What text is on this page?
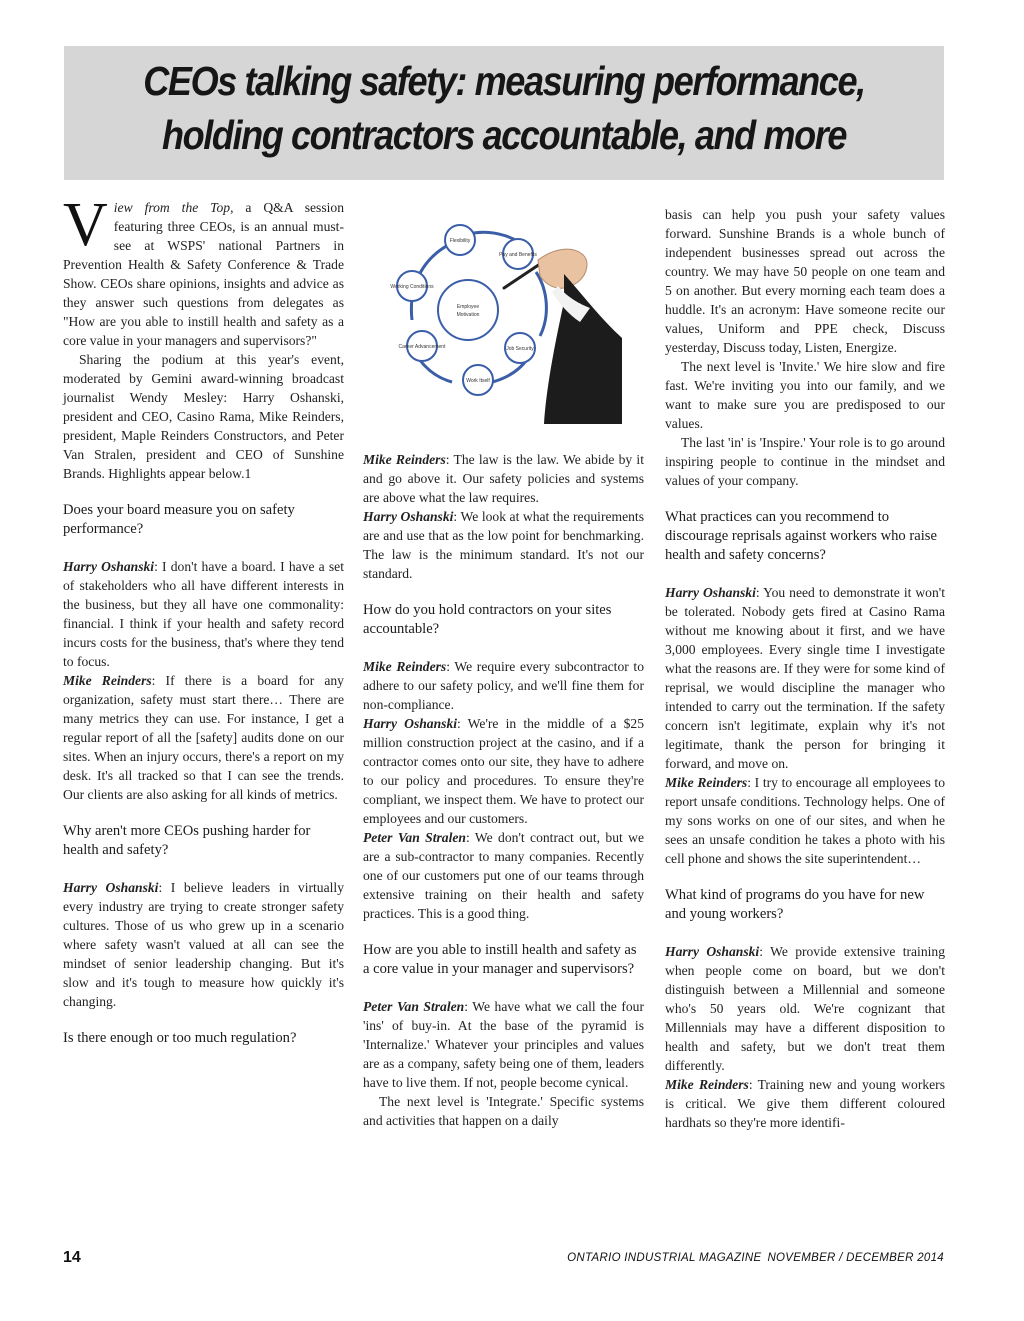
CEOs talking safety: measuring performance,
holding contractors accountable, and more

View from the Top, a Q&A session featuring three CEOs, is an annual must-see at WSPS' national Partners in Prevention Health & Safety Conference & Trade Show. CEOs share opinions, insights and advice as they answer such questions from delegates as "How are you able to instill health and safety as a core value in your managers and supervisors?"

Sharing the podium at this year's event, moderated by Gemini award-winning broadcast journalist Wendy Mesley: Harry Oshanski, president and CEO, Casino Rama, Mike Reinders, president, Maple Reinders Constructors, and Peter Van Stralen, president and CEO of Sunshine Brands. Highlights appear below.1

Does your board measure you on safety performance?

Harry Oshanski: I don't have a board. I have a set of stakeholders who all have different interests in the business, but they all have one commonality: financial. I think if your health and safety record incurs costs for the business, that's where they tend to focus.

Mike Reinders: If there is a board for any organization, safety must start there… There are many metrics they can use. For instance, I get a regular report of all the [safety] audits done on our sites. When an injury occurs, there's a report on my desk. It's all tracked so that I can see the trends. Our clients are also asking for all kinds of metrics.

Why aren't more CEOs pushing harder for health and safety?

Harry Oshanski: I believe leaders in virtually every industry are trying to create stronger safety cultures. Those of us who grew up in a scenario where safety wasn't valued at all can see the mindset of senior leadership changing. But it's slow and it's tough to measure how quickly it's changing.

Is there enough or too much regulation?

Employee
Motivation
Flexibility
Pay and Benefits
Job Security
Work Itself
Career Advancement
Working Conditions

Mike Reinders: The law is the law. We abide by it and go above it. Our safety policies and systems are above what the law requires.

Harry Oshanski: We look at what the requirements are and use that as the low point for benchmarking. The law is the minimum standard. It's not our standard.

How do you hold contractors on your sites accountable?

Mike Reinders: We require every subcontractor to adhere to our safety policy, and we'll fine them for non-compliance.

Harry Oshanski: We're in the middle of a $25 million construction project at the casino, and if a contractor comes onto our site, they have to adhere to our policy and procedures. To ensure they're compliant, we inspect them. We have to protect our employees and our customers.

Peter Van Stralen: We don't contract out, but we are a sub-contractor to many companies. Recently one of our customers put one of our teams through extensive training on their health and safety practices. This is a good thing.

How are you able to instill health and safety as a core value in your manager and supervisors?

Peter Van Stralen: We have what we call the four 'ins' of buy-in. At the base of the pyramid is 'Internalize.' Whatever your principles and values are as a company, safety being one of them, leaders have to live them. If not, people become cynical.

The next level is 'Integrate.' Specific systems and activities that happen on a daily

basis can help you push your safety values forward. Sunshine Brands is a whole bunch of independent businesses spread out across the country. We may have 50 people on one team and 5 on another. But every morning each team does a huddle. It's an acronym: Have someone recite our values, Uniform and PPE check, Discuss yesterday, Discuss today, Listen, Energize.

The next level is 'Invite.' We hire slow and fire fast. We're inviting you into our family, and we want to make sure you are predisposed to our values.

The last 'in' is 'Inspire.' Your role is to go around inspiring people to continue in the mindset and values of your company.

What practices can you recommend to discourage reprisals against workers who raise health and safety concerns?

Harry Oshanski: You need to demonstrate it won't be tolerated. Nobody gets fired at Casino Rama without me knowing about it first, and we have 3,000 employees. Every single time I investigate what the reasons are. If they were for some kind of reprisal, we would discipline the manager who intended to carry out the termination. If the safety concern isn't legitimate, explain why it's not legitimate, thank the person for bringing it forward, and move on.

Mike Reinders: I try to encourage all employees to report unsafe conditions. Technology helps. One of my sons works on one of our sites, and when he sees an unsafe condition he takes a photo with his cell phone and shows the site superintendent…

What kind of programs do you have for new and young workers?

Harry Oshanski: We provide extensive training when people come on board, but we don't distinguish between a Millennial and someone who's 50 years old. We're cognizant that Millennials may have a different disposition to health and safety, but we don't treat them differently.

Mike Reinders: Training new and young workers is critical. We give them different coloured hardhats so they're more identifi-

14	ONTARIO INDUSTRIAL MAGAZINE NOVEMBER / DECEMBER 2014
